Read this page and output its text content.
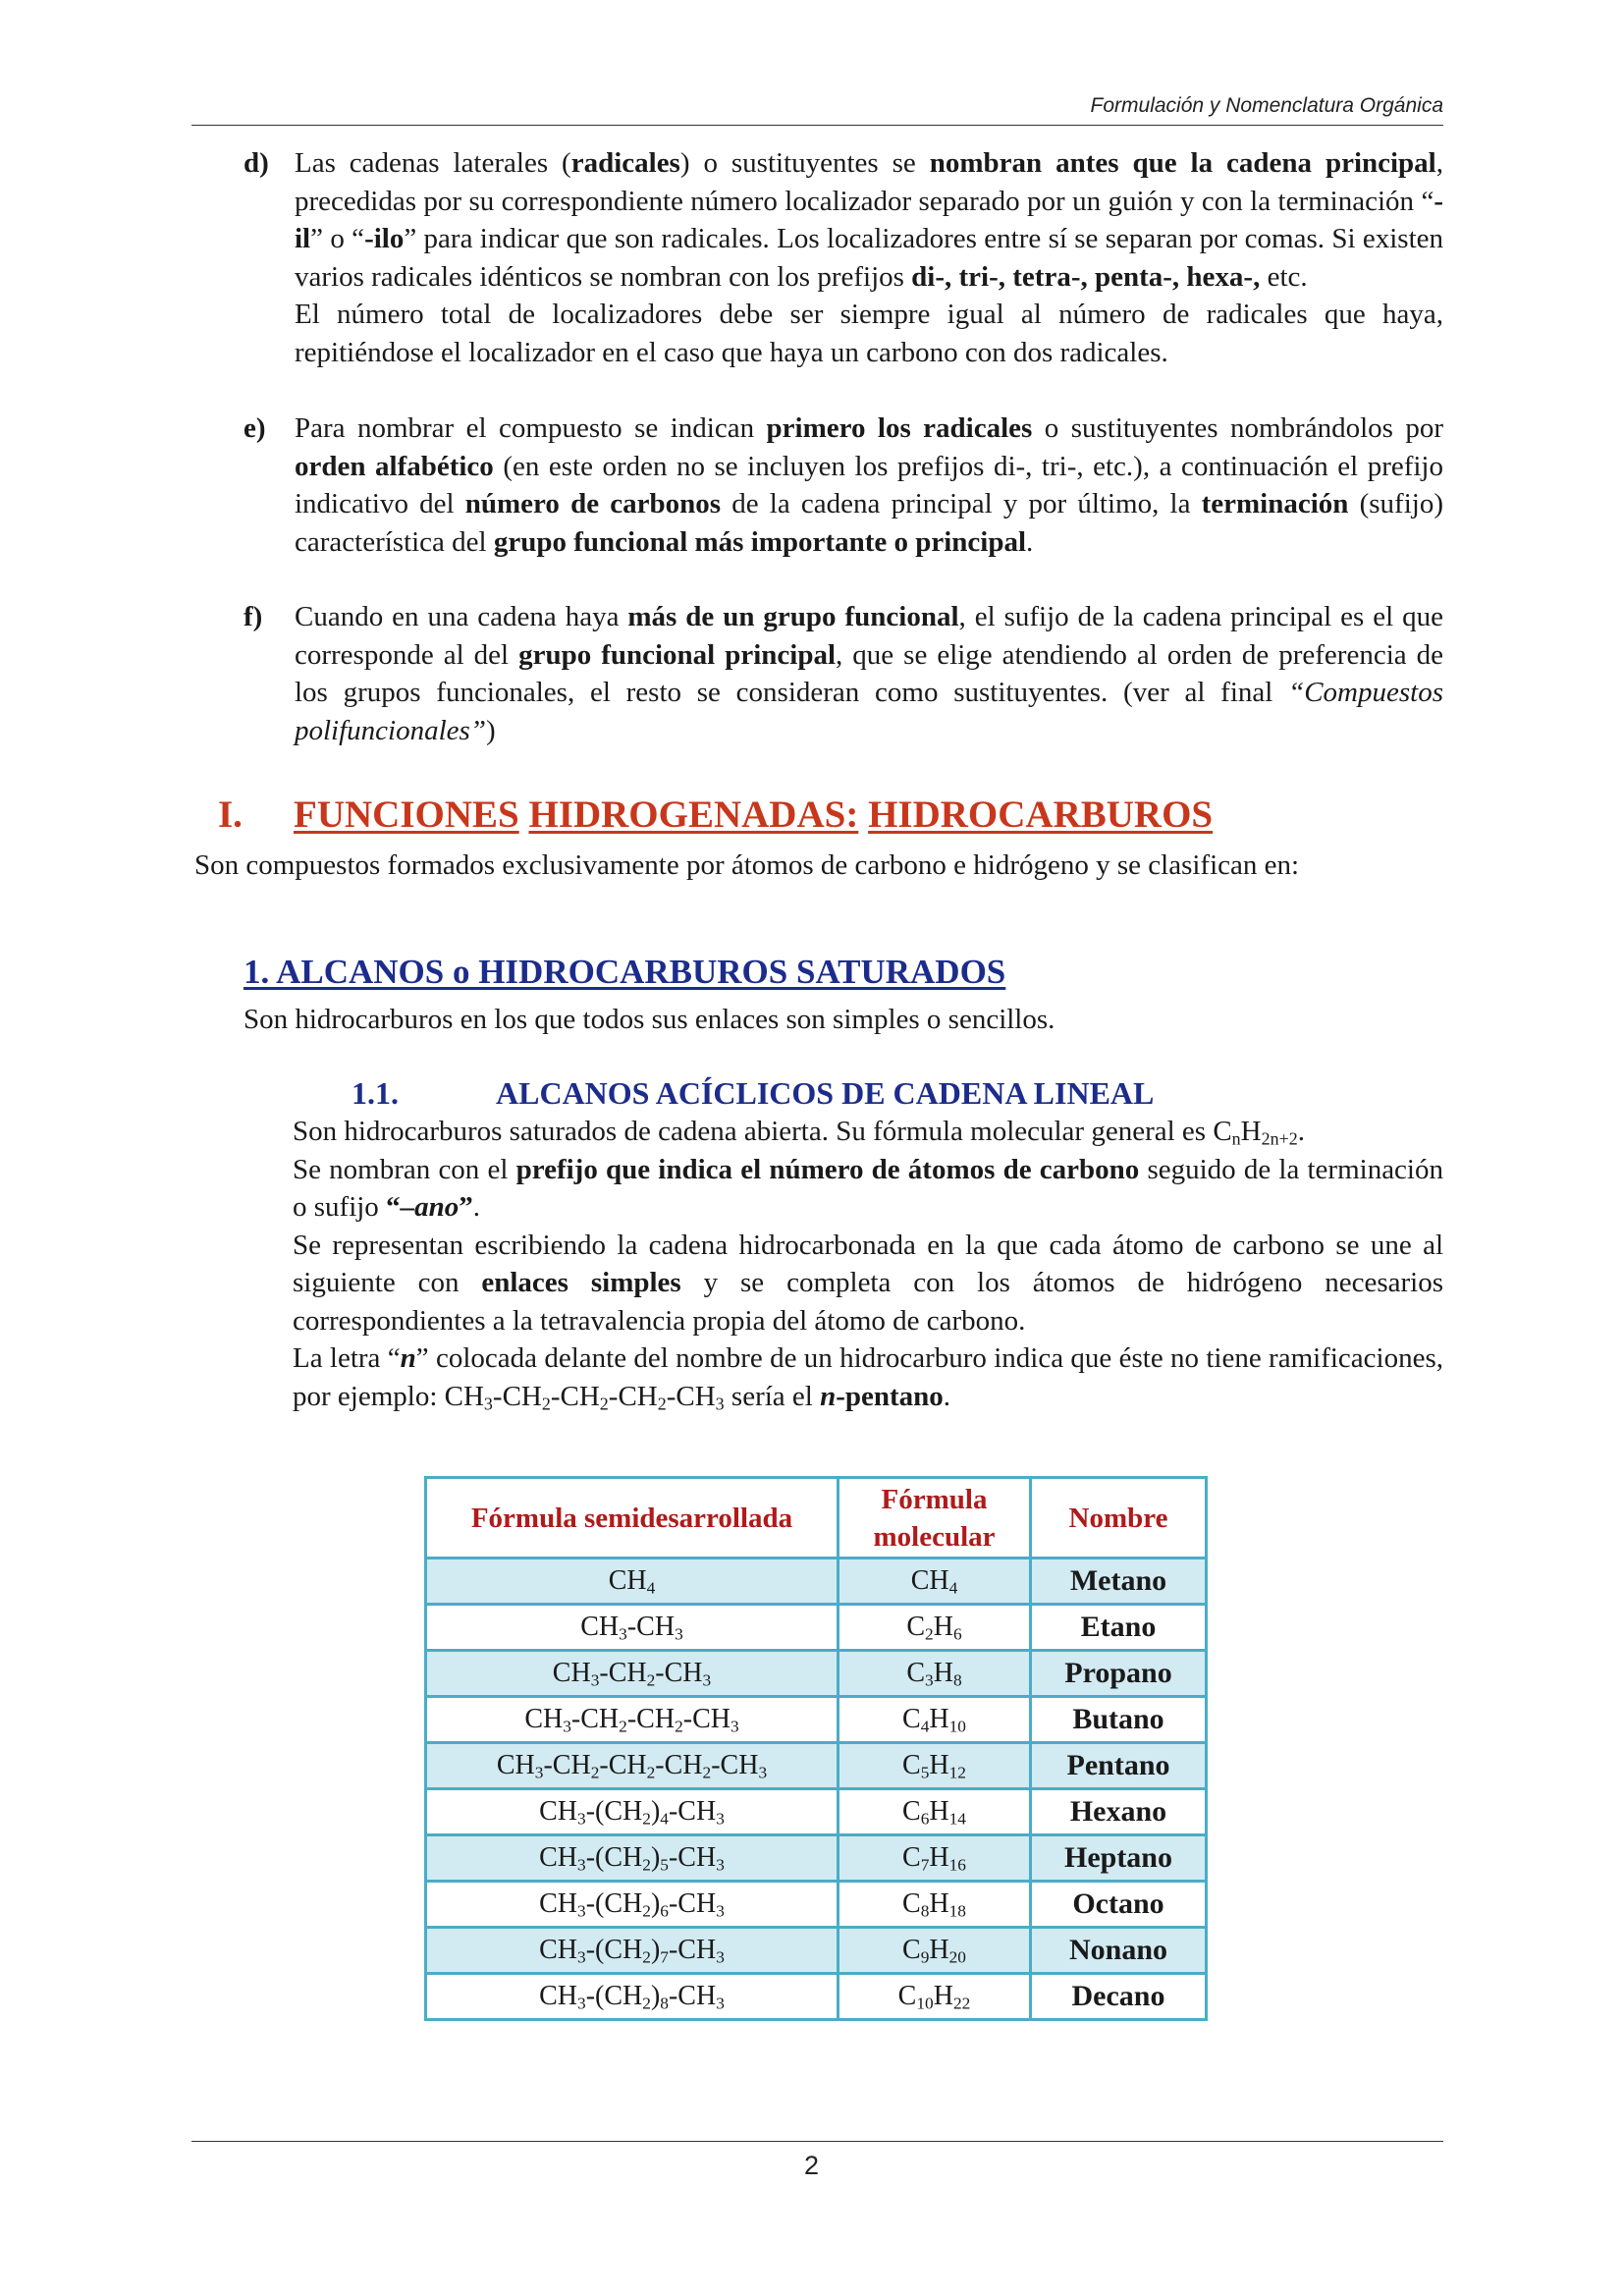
Formulación y Nomenclatura Orgánica
d) Las cadenas laterales (radicales) o sustituyentes se nombran antes que la cadena principal, precedidas por su correspondiente número localizador separado por un guión y con la terminación “-il” o “-ilo” para indicar que son radicales. Los localizadores entre sí se separan por comas. Si existen varios radicales idénticos se nombran con los prefijos di-, tri-, tetra-, penta-, hexa-, etc.
El número total de localizadores debe ser siempre igual al número de radicales que haya, repitiéndose el localizador en el caso que haya un carbono con dos radicales.
e) Para nombrar el compuesto se indican primero los radicales o sustituyentes nombrándolos por orden alfabético (en este orden no se incluyen los prefijos di-, tri-, etc.), a continuación el prefijo indicativo del número de carbonos de la cadena principal y por último, la terminación (sufijo) característica del grupo funcional más importante o principal.
f) Cuando en una cadena haya más de un grupo funcional, el sufijo de la cadena principal es el que corresponde al del grupo funcional principal, que se elige atendiendo al orden de preferencia de los grupos funcionales, el resto se consideran como sustituyentes. (ver al final “Compuestos polifuncionales”)
I. FUNCIONES HIDROGENADAS: HIDROCARBUROS
Son compuestos formados exclusivamente por átomos de carbono e hidrógeno y se clasifican en:
1. ALCANOS o HIDROCARBUROS SATURADOS
Son hidrocarburos en los que todos sus enlaces son simples o sencillos.
1.1.	ALCANOS ACÍCLICOS DE CADENA LINEAL
Son hidrocarburos saturados de cadena abierta. Su fórmula molecular general es $C_nH_{2n+2}$.
Se nombran con el prefijo que indica el número de átomos de carbono seguido de la terminación o sufijo “–ano”.
Se representan escribiendo la cadena hidrocarbonada en la que cada átomo de carbono se une al siguiente con enlaces simples y se completa con los átomos de hidrógeno necesarios correspondientes a la tetravalencia propia del átomo de carbono.
La letra “n” colocada delante del nombre de un hidrocarburo indica que éste no tiene ramificaciones, por ejemplo: $CH_3-CH_2-CH_2-CH_2-CH_3$ sería el n-pentano.
Fórmula semidesarrollada	Fórmula molecular	Nombre
$CH_4$	$CH_4$	Metano
$CH_3-CH_3$	$C_2H_6$	Etano
$CH_3-CH_2-CH_3$	$C_3H_8$	Propano
$CH_3-CH_2-CH_2-CH_3$	$C_4H_{10}$	Butano
$CH_3-CH_2-CH_2-CH_2-CH_3$	$C_5H_{12}$	Pentano
$CH_3-(CH_2)_4-CH_3$	$C_6H_{14}$	Hexano
$CH_3-(CH_2)_5-CH_3$	$C_7H_{16}$	Heptano
$CH_3-(CH_2)_6-CH_3$	$C_8H_{18}$	Octano
$CH_3-(CH_2)_7-CH_3$	$C_9H_{20}$	Nonano
$CH_3-(CH_2)_8-CH_3$	$C_{10}H_{22}$	Decano
2
